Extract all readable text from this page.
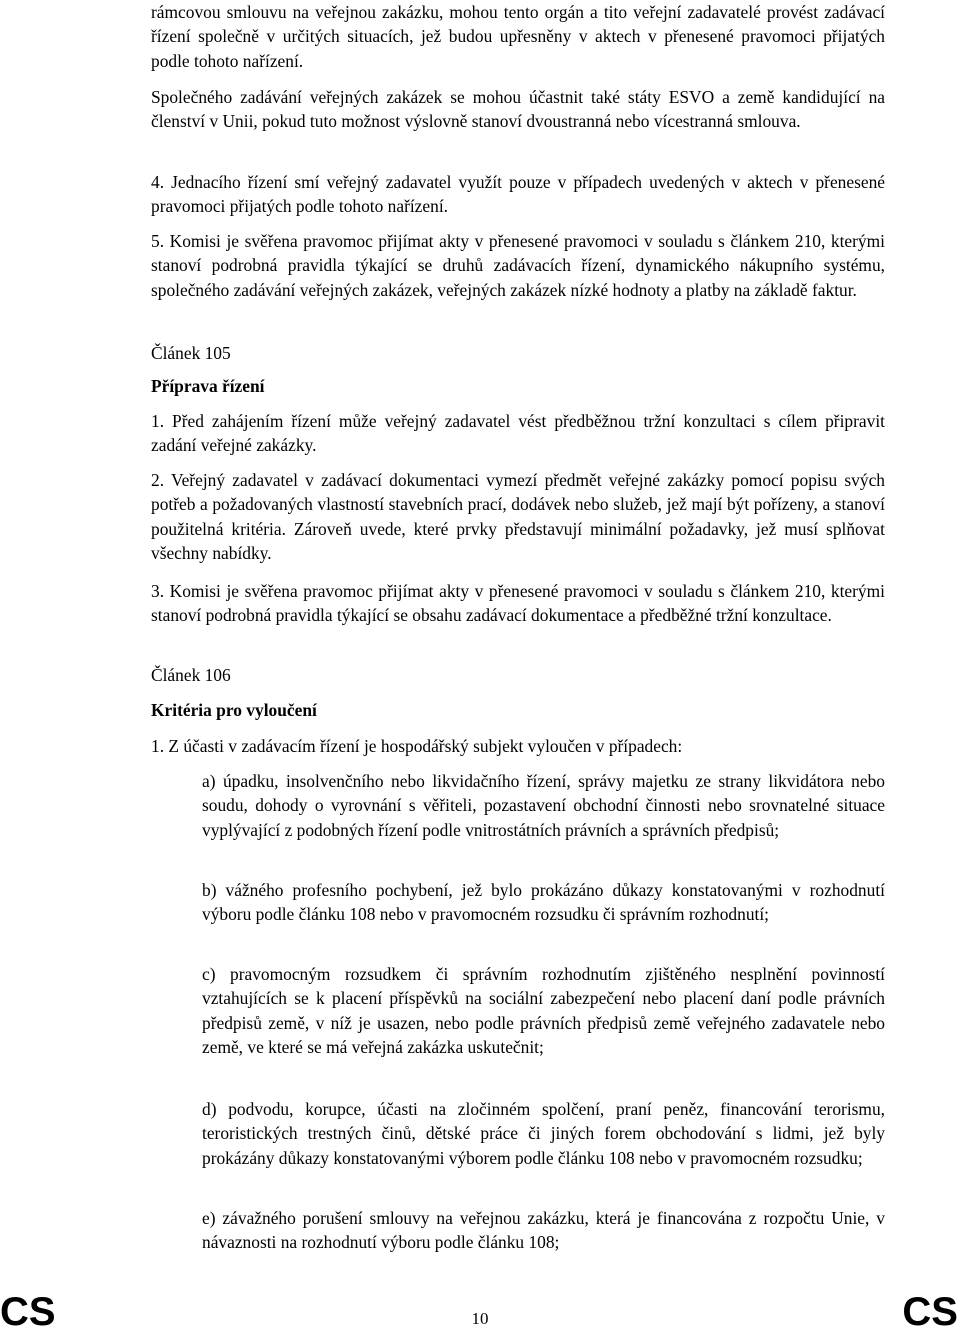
rámcovou smlouvu na veřejnou zakázku, mohou tento orgán a tito veřejní zadavatelé provést zadávací řízení společně v určitých situacích, jež budou upřesněny v aktech v přenesené pravomoci přijatých podle tohoto nařízení.

Společného zadávání veřejných zakázek se mohou účastnit také státy ESVO a země kandidující na členství v Unii, pokud tuto možnost výslovně stanoví dvoustranná nebo vícestranná smlouva.

4. Jednacího řízení smí veřejný zadavatel využít pouze v případech uvedených v aktech v přenesené pravomoci přijatých podle tohoto nařízení.

5. Komisi je svěřena pravomoc přijímat akty v přenesené pravomoci v souladu s článkem 210, kterými stanoví podrobná pravidla týkající se druhů zadávacích řízení, dynamického nákupního systému, společného zadávání veřejných zakázek, veřejných zakázek nízké hodnoty a platby na základě faktur.

Článek 105

Příprava řízení

1. Před zahájením řízení může veřejný zadavatel vést předběžnou tržní konzultaci s cílem připravit zadání veřejné zakázky.

2. Veřejný zadavatel v zadávací dokumentaci vymezí předmět veřejné zakázky pomocí popisu svých potřeb a požadovaných vlastností stavebních prací, dodávek nebo služeb, jež mají být pořízeny, a stanoví použitelná kritéria. Zároveň uvede, které prvky představují minimální požadavky, jež musí splňovat všechny nabídky.

3. Komisi je svěřena pravomoc přijímat akty v přenesené pravomoci v souladu s článkem 210, kterými stanoví podrobná pravidla týkající se obsahu zadávací dokumentace a předběžné tržní konzultace.

Článek 106

Kritéria pro vyloučení

1. Z účasti v zadávacím řízení je hospodářský subjekt vyloučen v případech:

a) úpadku, insolvenčního nebo likvidačního řízení, správy majetku ze strany likvidátora nebo soudu, dohody o vyrovnání s věřiteli, pozastavení obchodní činnosti nebo srovnatelné situace vyplývající z podobných řízení podle vnitrostátních právních a správních předpisů;

b) vážného profesního pochybení, jež bylo prokázáno důkazy konstatovanými v rozhodnutí výboru podle článku 108 nebo v pravomocném rozsudku či správním rozhodnutí;

c) pravomocným rozsudkem či správním rozhodnutím zjištěného nesplnění povinností vztahujících se k placení příspěvků na sociální zabezpečení nebo placení daní podle právních předpisů země, v níž je usazen, nebo podle právních předpisů země veřejného zadavatele nebo země, ve které se má veřejná zakázka uskutečnit;

d) podvodu, korupce, účasti na zločinném spolčení, praní peněz, financování terorismu, teroristických trestných činů, dětské práce či jiných forem obchodování s lidmi, jež byly prokázány důkazy konstatovanými výborem podle článku 108 nebo v pravomocném rozsudku;

e) závažného porušení smlouvy na veřejnou zakázku, která je financována z rozpočtu Unie, v návaznosti na rozhodnutí výboru podle článku 108;

CS	10	CS
